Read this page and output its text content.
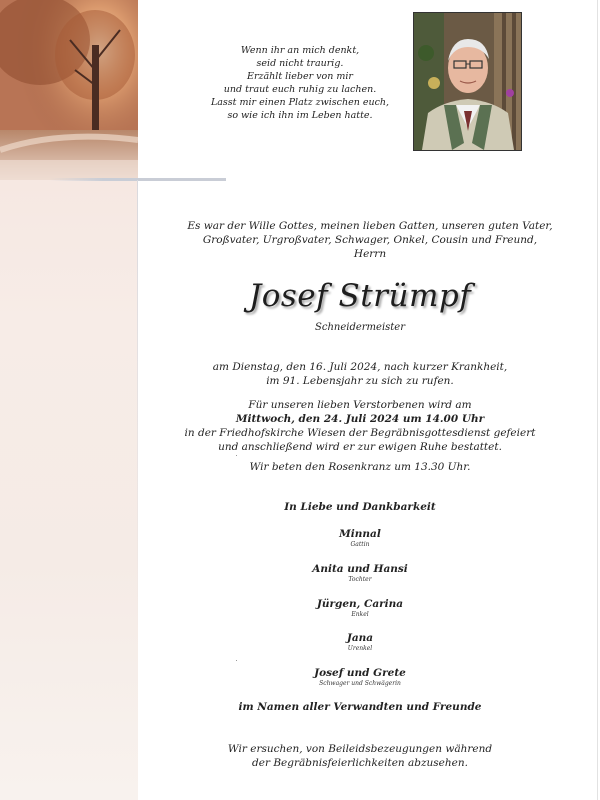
Wenn ihr an mich denkt,
seid nicht traurig.
Erzählt lieber von mir
und traut euch ruhig zu lachen.
Lasst mir einen Platz zwischen euch,
so wie ich ihn im Leben hatte.
Es war der Wille Gottes, meinen lieben Gatten, unseren guten Vater,
Großvater, Urgroßvater, Schwager, Onkel, Cousin und Freund,
Herrn
Josef Strümpf
Schneidermeister
am Dienstag, den 16. Juli 2024, nach kurzer Krankheit,
im 91. Lebensjahr zu sich zu rufen.
Für unseren lieben Verstorbenen wird am
Mittwoch, den 24. Juli 2024 um 14.00 Uhr
in der Friedhofskirche Wiesen der Begräbnisgottesdienst gefeiert
und anschließend wird er zur ewigen Ruhe bestattet.
Wir beten den Rosenkranz um 13.30 Uhr.
In Liebe und Dankbarkeit
Minnal
Gattin
Anita und Hansi
Tochter
Jürgen, Carina
Enkel
Jana
Urenkel
Josef und Grete
Schwager und Schwägerin
im Namen aller Verwandten und Freunde
Wir ersuchen, von Beileidsbezeugungen während
der Begräbnisfeierlichkeiten abzusehen.
